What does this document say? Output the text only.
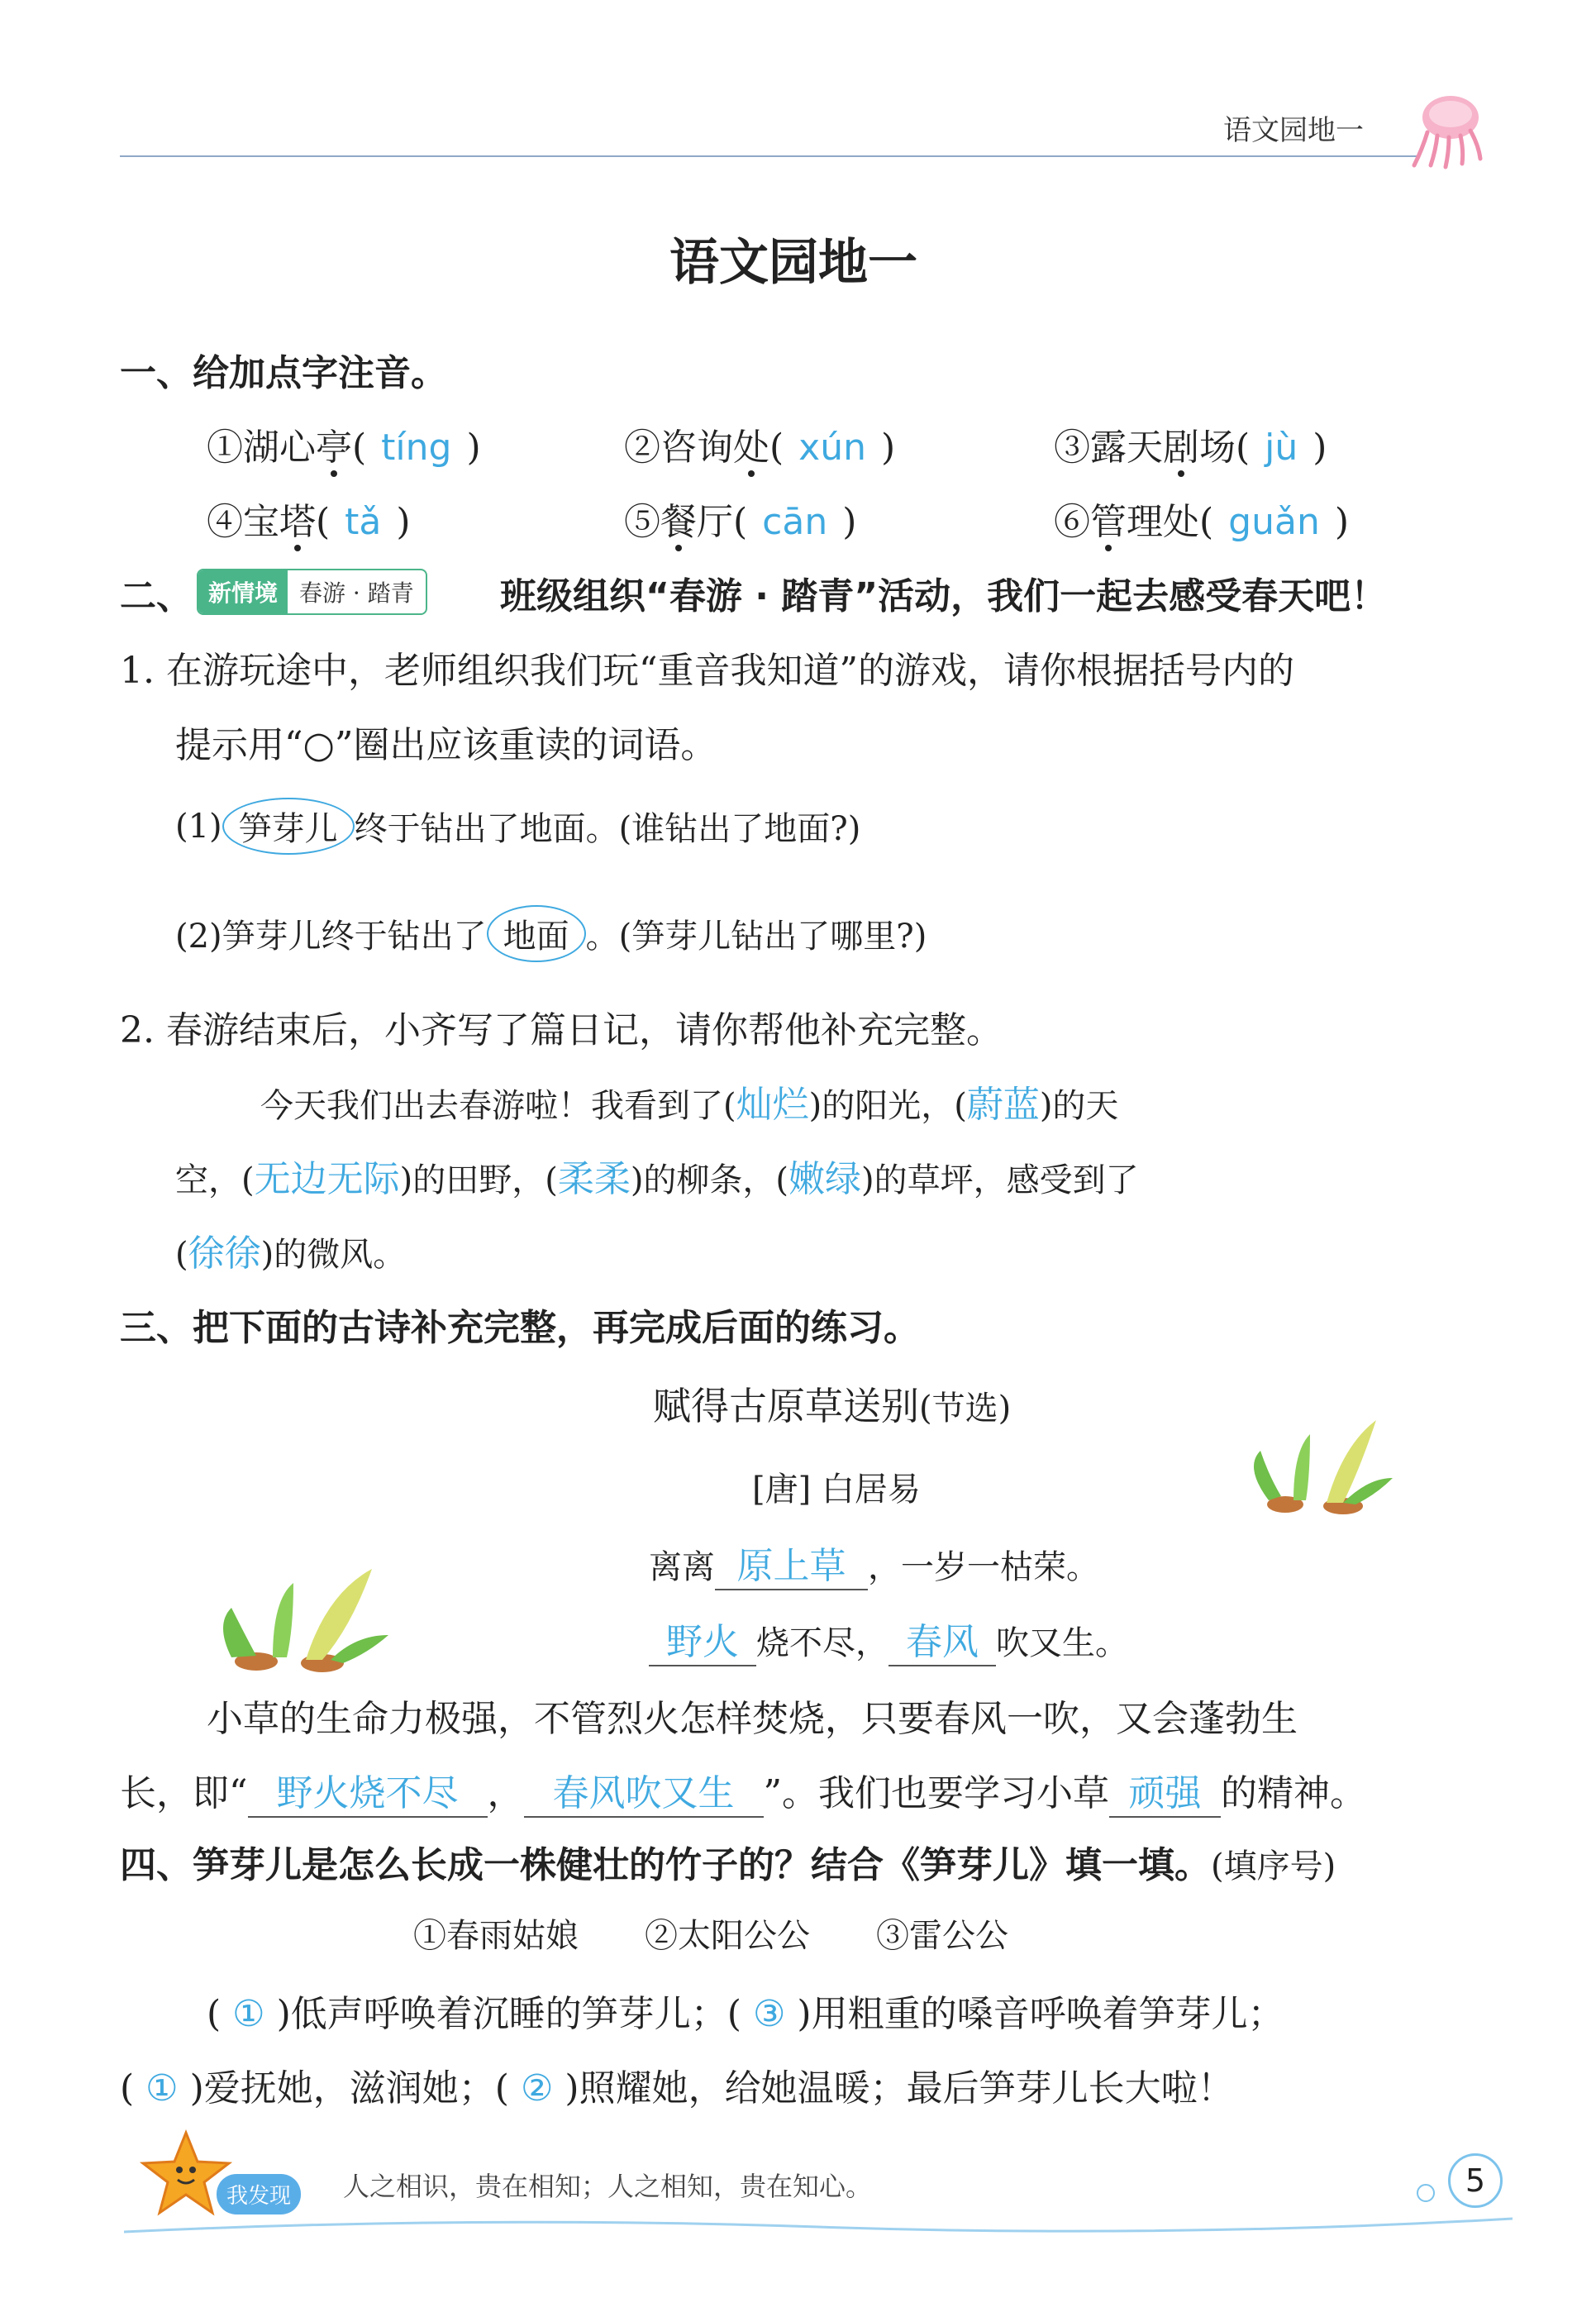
语文园地一
语文园地一
一、给加点字注音。
①湖心亭( tíng )	②咨询处( xún )	③露天剧场( jù )
④宝塔( tǎ )	⑤餐厅( cān )	⑥管理处( guǎn )
二、 新情境 春游 · 踏青	班级组织“春游 · 踏青”活动，我们一起去感受春天吧！
1. 在游玩途中，老师组织我们玩“重音我知道”的游戏，请你根据括号内的
提示用“○”圈出应该重读的词语。
(1) 笋芽儿 终于钻出了地面。(谁钻出了地面?)
(2)笋芽儿终于钻出了 地面 。(笋芽儿钻出了哪里?)
2. 春游结束后，小齐写了篇日记，请你帮他补充完整。
今天我们出去春游啦！我看到了(灿烂)的阳光，(蔚蓝)的天
空，(无边无际)的田野，(柔柔)的柳条，(嫩绿)的草坪，感受到了
(徐徐)的微风。
三、把下面的古诗补充完整，再完成后面的练习。
赋得古原草送别(节选)
[唐] 白居易
离离 原上草 ，一岁一枯荣。
野火 烧不尽， 春风 吹又生。
小草的生命力极强，不管烈火怎样焚烧，只要春风一吹，又会蓬勃生
长，即“ 野火烧不尽 ， 春风吹又生 ”。我们也要学习小草 顽强 的精神。
四、笋芽儿是怎么长成一株健壮的竹子的？结合《笋芽儿》填一填。(填序号)
①春雨姑娘　　②太阳公公　　③雷公公
( ① )低声呼唤着沉睡的笋芽儿；( ③ )用粗重的嗓音呼唤着笋芽儿；
( ① )爱抚她，滋润她；( ② )照耀她，给她温暖；最后笋芽儿长大啦！
我发现	人之相识，贵在相知；人之相知，贵在知心。	5
